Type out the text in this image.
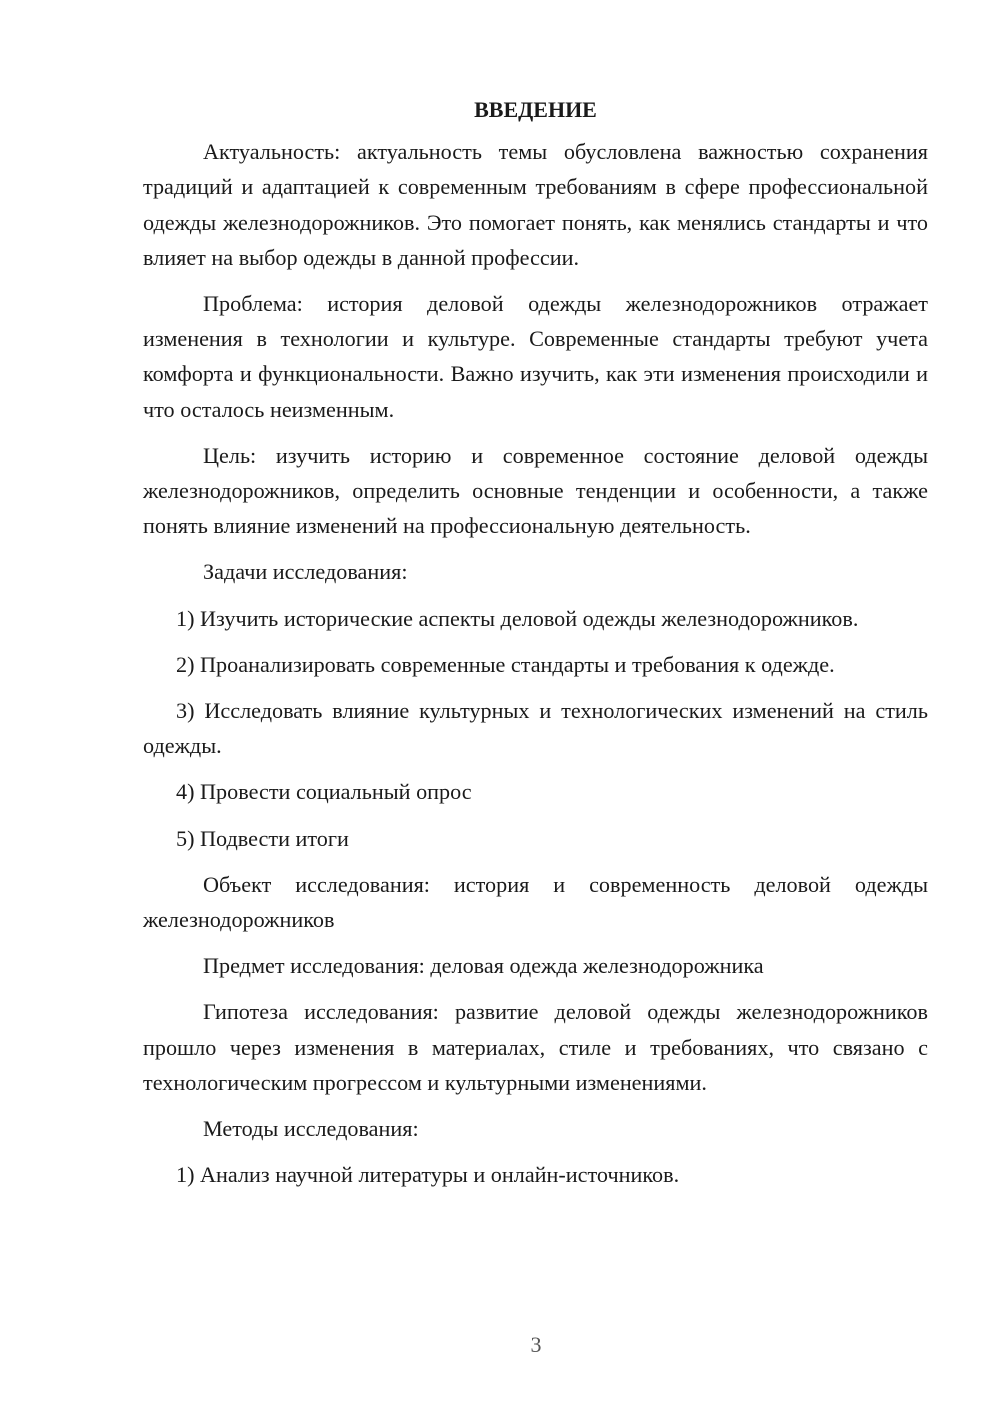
ВВЕДЕНИЕ

Актуальность: актуальность темы обусловлена важностью сохранения традиций и адаптацией к современным требованиям в сфере профессиональной одежды железнодорожников. Это помогает понять, как менялись стандарты и что влияет на выбор одежды в данной профессии.

Проблема: история деловой одежды железнодорожников отражает изменения в технологии и культуре. Современные стандарты требуют учета комфорта и функциональности. Важно изучить, как эти изменения происходили и что осталось неизменным.

Цель: изучить историю и современное состояние деловой одежды железнодорожников, определить основные тенденции и особенности, а также понять влияние изменений на профессиональную деятельность.

Задачи исследования:

1) Изучить исторические аспекты деловой одежды железнодорожников.

2) Проанализировать современные стандарты и требования к одежде.

3) Исследовать влияние культурных и технологических изменений на стиль одежды.

4) Провести социальный опрос

5) Подвести итоги

Объект исследования: история и современность деловой одежды железнодорожников

Предмет исследования: деловая одежда железнодорожника

Гипотеза исследования: развитие деловой одежды железнодорожников прошло через изменения в материалах, стиле и требованиях, что связано с технологическим прогрессом и культурными изменениями.

Методы исследования:

1) Анализ научной литературы и онлайн-источников.

3
